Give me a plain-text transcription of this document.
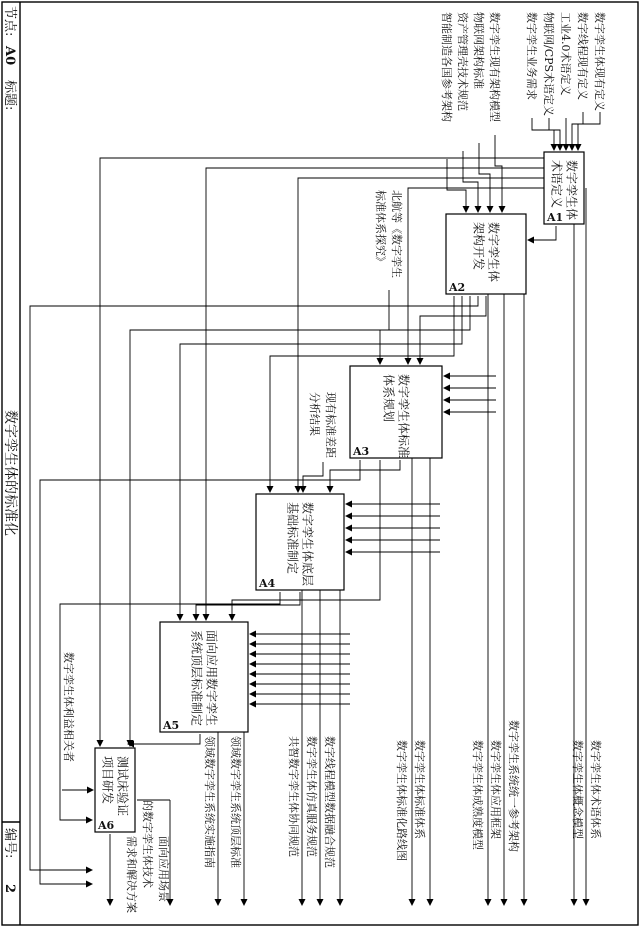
节点:
A0
标题:
数字孪生体的标准化
编号:
2
数字孪生体
术语定义
A1
数字孪生体
架构开发
A2
数字孪生体标准
体系规划
A3
数字孪生体底层
基础标准制定
A4
面向应用数字孪生
系统顶层标准制定
A5
测试床验证
项目研发
A6
数字孪生体现有定义
数字线程现有定义
工业4.0术语定义
物联网/CPS术语定义
数字孪生业务需求
数字孪生现有架构模型
物联网架构标准
资产管理壳技术规范
智能制造各国参考架构
北航等《数字孪生
标准体系探究》
现有标准差距
分析结果
数字孪生体利益相关者
数字孪生体术语体系
数字孪生体概念模型
数字孪生系统统一参考架构
数字孪生体应用框架
数字孪生体成熟度模型
数字孪生体标准体系
数字孪生体标准化路线图
数字线程模型数据融合规范
数字孪生体仿真服务规范
共智数字孪生体协同规范
领域数字孪生系统顶层标准
领域数字孪生系统实施指南
面向应用场景
的数字孪生体技术
需求和解决方案
